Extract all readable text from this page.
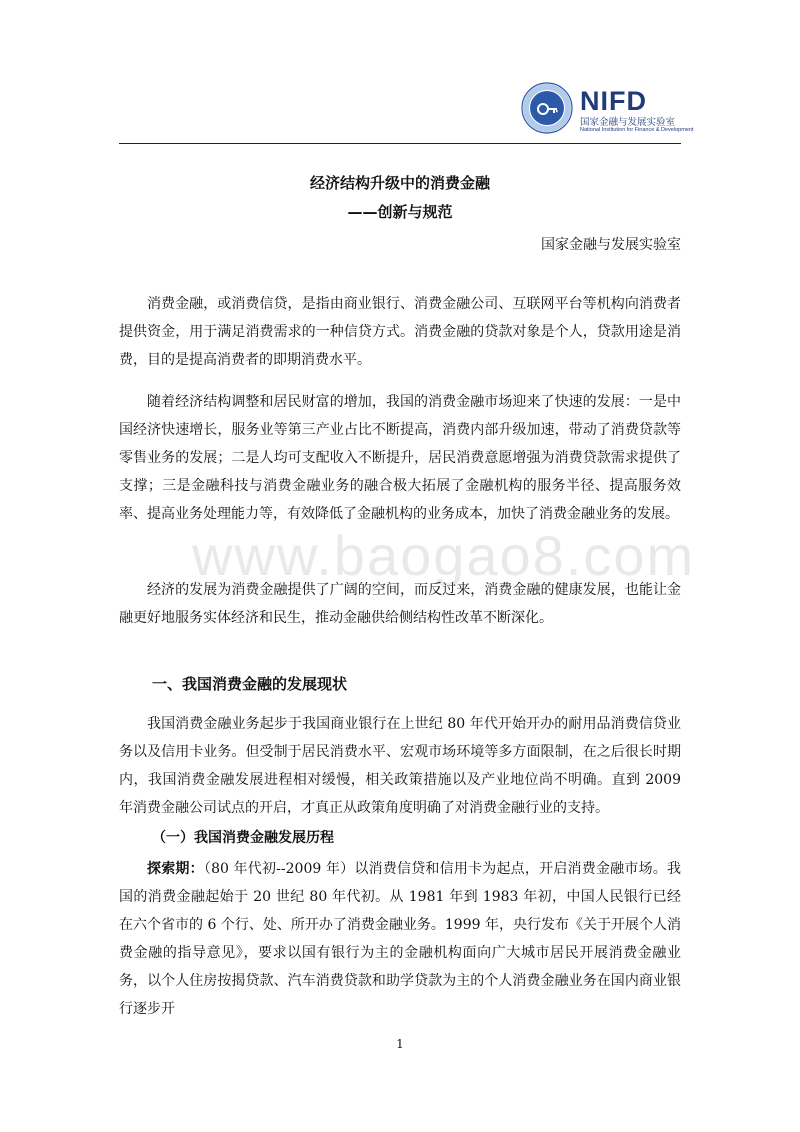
NIFD
国家金融与发展实验室
National Institution for Finance & Development
经济结构升级中的消费金融
——创新与规范
国家金融与发展实验室

消费金融，或消费信贷，是指由商业银行、消费金融公司、互联网平台等机构向消费者提供资金，用于满足消费需求的一种信贷方式。消费金融的贷款对象是个人，贷款用途是消费，目的是提高消费者的即期消费水平。

随着经济结构调整和居民财富的增加，我国的消费金融市场迎来了快速的发展：一是中国经济快速增长，服务业等第三产业占比不断提高，消费内部升级加速，带动了消费贷款等零售业务的发展；二是人均可支配收入不断提升，居民消费意愿增强为消费贷款需求提供了支撑；三是金融科技与消费金融业务的融合极大拓展了金融机构的服务半径、提高服务效率、提高业务处理能力等，有效降低了金融机构的业务成本，加快了消费金融业务的发展。

经济的发展为消费金融提供了广阔的空间，而反过来，消费金融的健康发展，也能让金融更好地服务实体经济和民生，推动金融供给侧结构性改革不断深化。

www.baogao8.com
一、我国消费金融的发展现状

我国消费金融业务起步于我国商业银行在上世纪 80 年代开始开办的耐用品消费信贷业务以及信用卡业务。但受制于居民消费水平、宏观市场环境等多方面限制，在之后很长时期内，我国消费金融发展进程相对缓慢，相关政策措施以及产业地位尚不明确。直到 2009 年消费金融公司试点的开启，才真正从政策角度明确了对消费金融行业的支持。

（一）我国消费金融发展历程

探索期：（80 年代初--2009 年）以消费信贷和信用卡为起点，开启消费金融市场。我国的消费金融起始于 20 世纪 80 年代初。从 1981 年到 1983 年初，中国人民银行已经在六个省市的 6 个行、处、所开办了消费金融业务。1999 年，央行发布《关于开展个人消费金融的指导意见》，要求以国有银行为主的金融机构面向广大城市居民开展消费金融业务，以个人住房按揭贷款、汽车消费贷款和助学贷款为主的个人消费金融业务在国内商业银行逐步开

1
